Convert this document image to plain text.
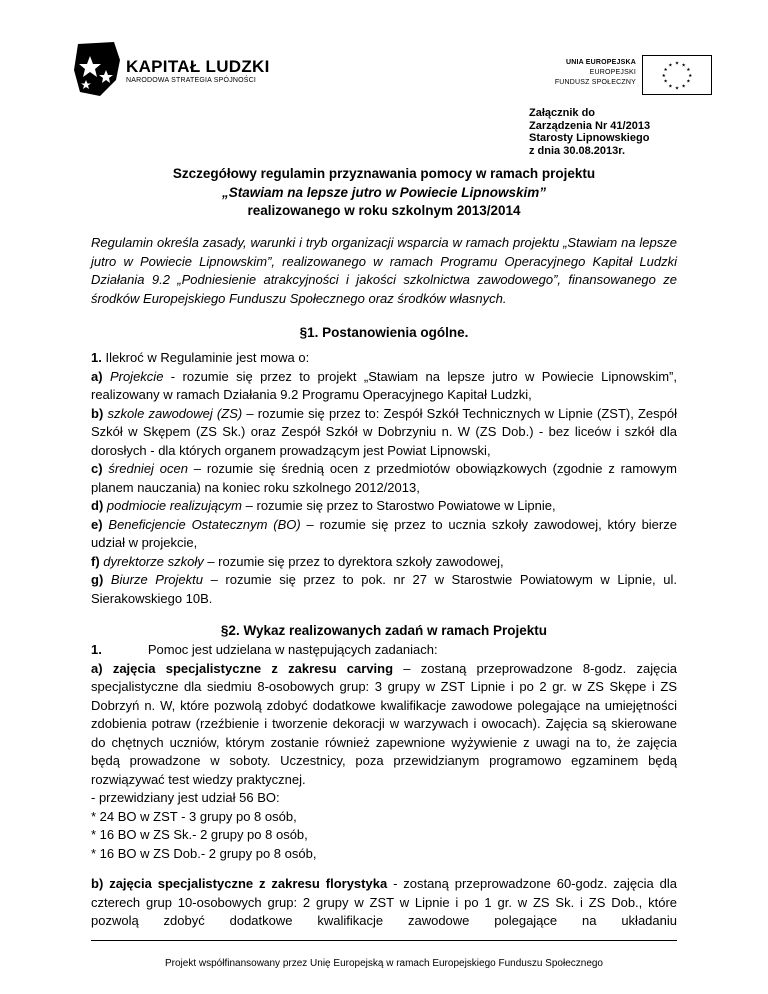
KAPITAŁ LUDZKI
NARODOWA STRATEGIA SPÓJNOŚCI
UNIA EUROPEJSKA
EUROPEJSKI
FUNDUSZ SPOŁECZNY
★ ★
★
★
★
★
★
★
★
★
★
★
Załącznik do
Zarządzenia Nr 41/2013
Starosty Lipnowskiego
z dnia 30.08.2013r.
Szczegółowy regulamin przyznawania pomocy w ramach projektu
„Stawiam na lepsze jutro w Powiecie Lipnowskim”
realizowanego w roku szkolnym 2013/2014
Regulamin określa zasady, warunki i tryb organizacji wsparcia w ramach projektu „Stawiam na lepsze jutro w Powiecie Lipnowskim”, realizowanego w ramach Programu Operacyjnego Kapitał Ludzki Działania 9.2 „Podniesienie atrakcyjności i jakości szkolnictwa zawodowego”, finansowanego ze środków Europejskiego Funduszu Społecznego oraz środków własnych.
§1. Postanowienia ogólne.

1. Ilekroć w Regulaminie jest mowa o:

a) Projekcie - rozumie się przez to projekt „Stawiam na lepsze jutro w Powiecie Lipnowskim”, realizowany w ramach Działania 9.2 Programu Operacyjnego Kapitał Ludzki,

b) szkole zawodowej (ZS) – rozumie się przez to: Zespół Szkół Technicznych w Lipnie (ZST), Zespół Szkół w Skępem (ZS Sk.) oraz Zespół Szkół w Dobrzyniu n. W (ZS Dob.) - bez liceów i szkół dla dorosłych - dla których organem prowadzącym jest Powiat Lipnowski,

c) średniej ocen – rozumie się średnią ocen z przedmiotów obowiązkowych (zgodnie z ramowym planem nauczania) na koniec roku szkolnego 2012/2013,

d) podmiocie realizującym – rozumie się przez to Starostwo Powiatowe w Lipnie,

e) Beneficjencie Ostatecznym (BO) – rozumie się przez to ucznia szkoły zawodowej, który bierze udział w projekcie,

f) dyrektorze szkoły – rozumie się przez to dyrektora szkoły zawodowej,

g) Biurze Projektu – rozumie się przez to pok. nr 27 w Starostwie Powiatowym w Lipnie, ul. Sierakowskiego 10B.

§2. Wykaz realizowanych zadań w ramach Projektu

1.	Pomoc jest udzielana w następujących zadaniach:

a) zajęcia specjalistyczne z zakresu carving – zostaną przeprowadzone 8-godz. zajęcia specjalistyczne dla siedmiu 8-osobowych grup: 3 grupy w ZST Lipnie i po 2 gr. w ZS Skępe i ZS Dobrzyń n. W, które pozwolą zdobyć dodatkowe kwalifikacje zawodowe polegające na umiejętności zdobienia potraw (rzeźbienie i tworzenie dekoracji w warzywach i owocach). Zajęcia są skierowane do chętnych uczniów, którym zostanie również zapewnione wyżywienie z uwagi na to, że zajęcia będą prowadzone w soboty. Uczestnicy, poza przewidzianym programowo egzaminem będą rozwiązywać test wiedzy praktycznej.

- przewidziany jest udział 56 BO:

* 24 BO w ZST - 3 grupy po 8 osób,

* 16 BO w ZS Sk.- 2 grupy po 8 osób,

* 16 BO w ZS Dob.- 2 grupy po 8 osób,

b) zajęcia specjalistyczne z zakresu florystyka - zostaną przeprowadzone 60-godz. zajęcia dla czterech grup 10-osobowych grup: 2 grupy w ZST w Lipnie i po 1 gr. w ZS Sk. i ZS Dob., które pozwolą zdobyć dodatkowe kwalifikacje zawodowe polegające na układaniu

Projekt współfinansowany przez Unię Europejską w ramach Europejskiego Funduszu Społecznego
